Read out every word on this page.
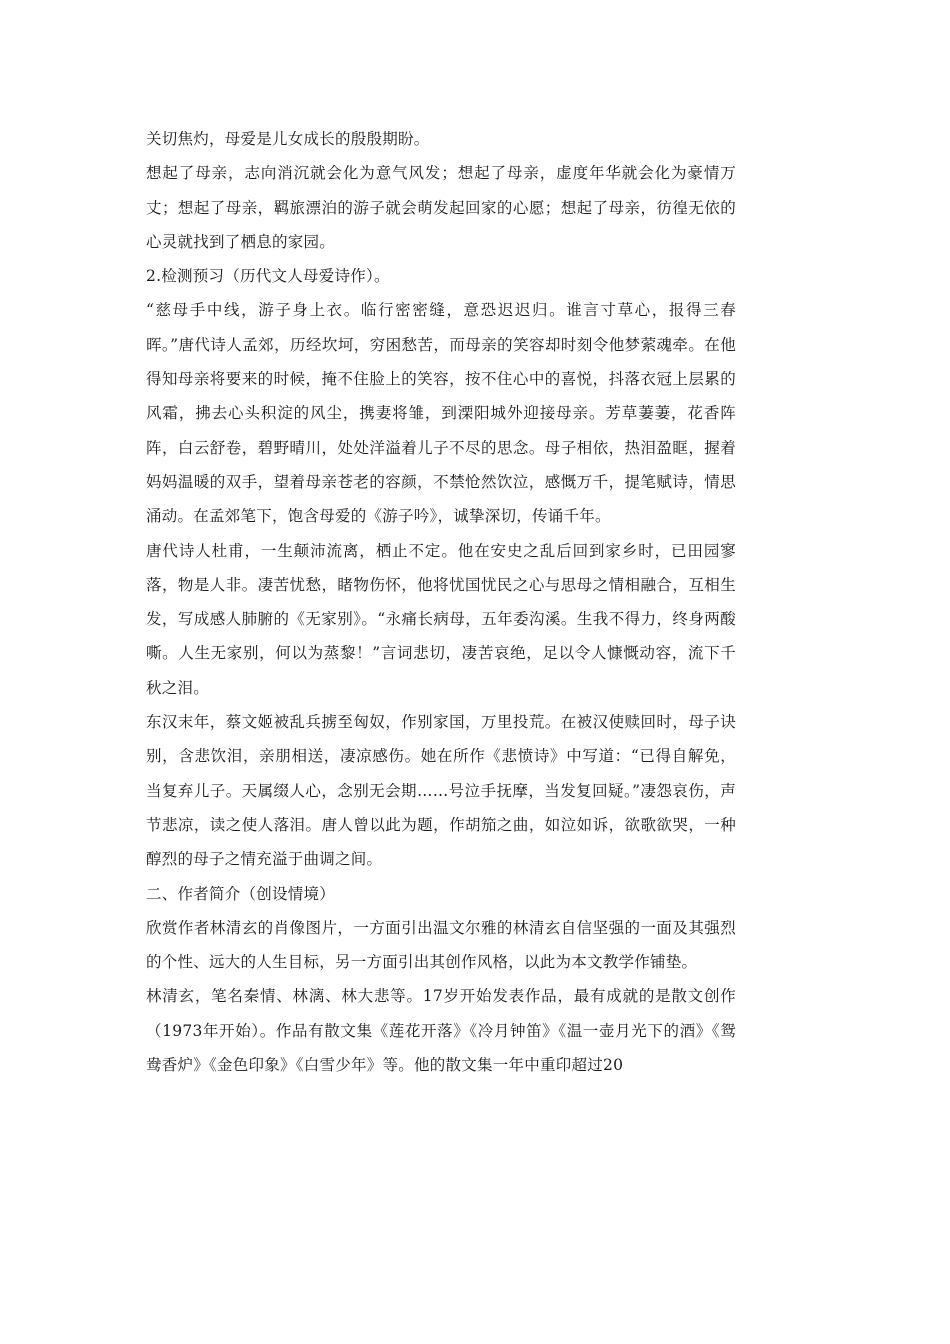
关切焦灼，母爱是儿女成长的殷殷期盼。

想起了母亲，志向消沉就会化为意气风发；想起了母亲，虚度年华就会化为豪情万丈；想起了母亲，羁旅漂泊的游子就会萌发起回家的心愿；想起了母亲，彷徨无依的心灵就找到了栖息的家园。

2.检测预习（历代文人母爱诗作）。

“慈母手中线，游子身上衣。临行密密缝，意恐迟迟归。谁言寸草心，报得三春晖。”唐代诗人孟郊，历经坎坷，穷困愁苦，而母亲的笑容却时刻令他梦萦魂牵。在他得知母亲将要来的时候，掩不住脸上的笑容，按不住心中的喜悦，抖落衣冠上层累的风霜，拂去心头积淀的风尘，携妻将雏，到溧阳城外迎接母亲。芳草萋萋，花香阵阵，白云舒卷，碧野晴川，处处洋溢着儿子不尽的思念。母子相依，热泪盈眶，握着妈妈温暖的双手，望着母亲苍老的容颜，不禁怆然饮泣，感慨万千，提笔赋诗，情思涌动。在孟郊笔下，饱含母爱的《游子吟》，诚挚深切，传诵千年。

唐代诗人杜甫，一生颠沛流离，栖止不定。他在安史之乱后回到家乡时，已田园寥落，物是人非。凄苦忧愁，睹物伤怀，他将忧国忧民之心与思母之情相融合，互相生发，写成感人肺腑的《无家别》。“永痛长病母，五年委沟溪。生我不得力，终身两酸嘶。人生无家别，何以为蒸黎！”言词悲切，凄苦哀绝，足以令人慷慨动容，流下千秋之泪。

东汉末年，蔡文姬被乱兵掳至匈奴，作别家国，万里投荒。在被汉使赎回时，母子诀别，含悲饮泪，亲朋相送，凄凉感伤。她在所作《悲愤诗》中写道：“已得自解免，当复弃儿子。天属缀人心，念别无会期……号泣手抚摩，当发复回疑。”凄怨哀伤，声节悲凉，读之使人落泪。唐人曾以此为题，作胡笳之曲，如泣如诉，欲歌欲哭，一种醇烈的母子之情充溢于曲调之间。

二、作者简介（创设情境）

欣赏作者林清玄的肖像图片，一方面引出温文尔雅的林清玄自信坚强的一面及其强烈的个性、远大的人生目标，另一方面引出其创作风格，以此为本文教学作铺垫。

林清玄，笔名秦情、林漓、林大悲等。17岁开始发表作品，最有成就的是散文创作（1973年开始）。作品有散文集《莲花开落》《冷月钟笛》《温一壶月光下的酒》《鸳鸯香炉》《金色印象》《白雪少年》等。他的散文集一年中重印超过20
